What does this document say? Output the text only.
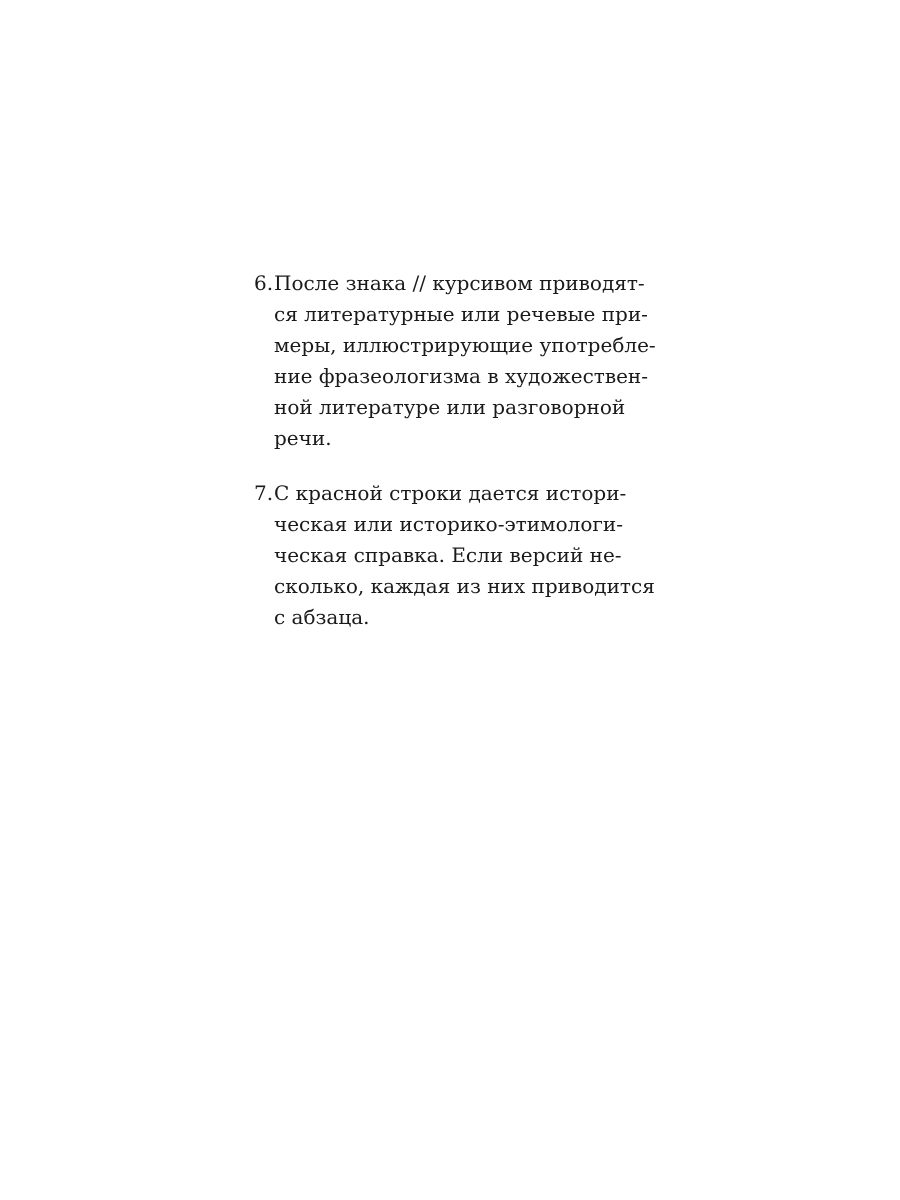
6. После знака // курсивом приводят-
ся литературные или речевые при-
меры, иллюстрирующие употребле-
ние фразеологизма в художествен-
ной литературе или разговорной
речи.
7. С красной строки дается истори-
ческая или историко-этимологи-
ческая справка. Если версий не-
сколько, каждая из них приводится
с абзаца.
